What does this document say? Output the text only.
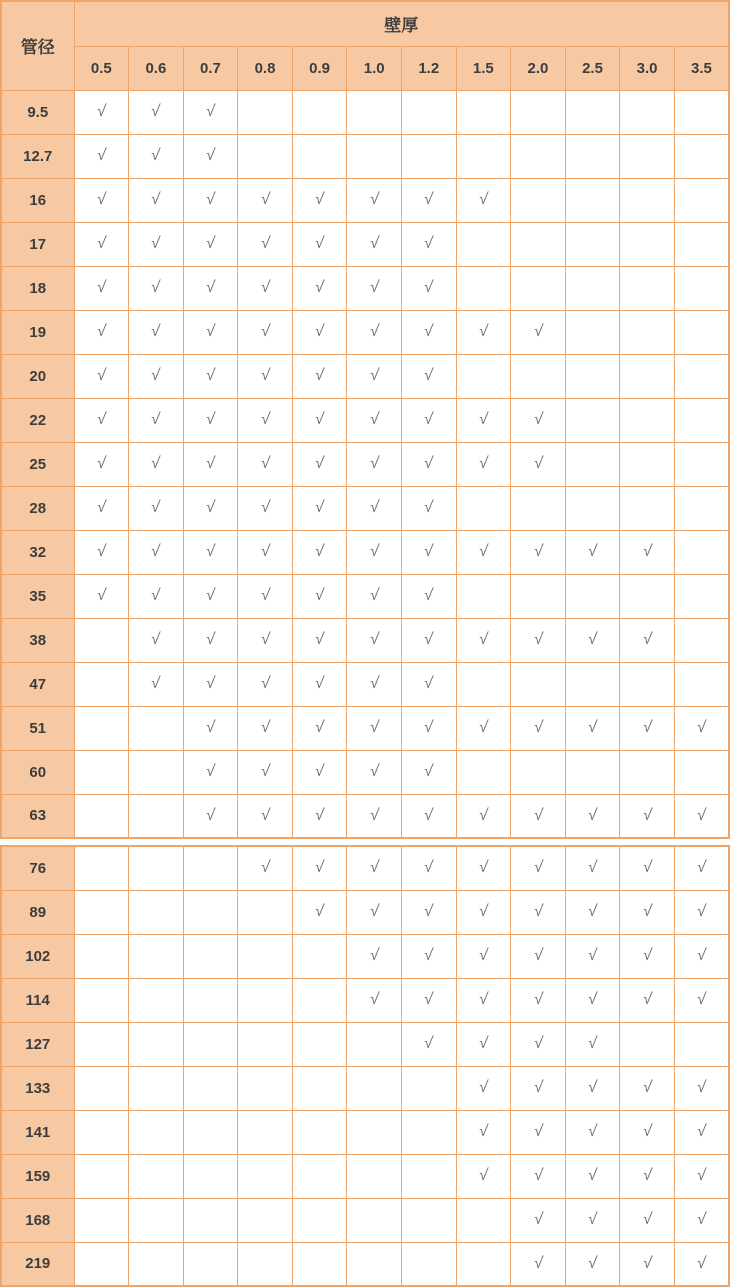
管径	壁厚											
	0.5	0.6	0.7	0.8	0.9	1.0	1.2	1.5	2.0	2.5	3.0	3.5
9.5	√	√	√									
12.7	√	√	√									
16	√	√	√	√	√	√	√	√				
17	√	√	√	√	√	√	√					
18	√	√	√	√	√	√	√					
19	√	√	√	√	√	√	√	√	√			
20	√	√	√	√	√	√	√					
22	√	√	√	√	√	√	√	√	√			
25	√	√	√	√	√	√	√	√	√			
28	√	√	√	√	√	√	√					
32	√	√	√	√	√	√	√	√	√	√	√	
35	√	√	√	√	√	√	√					
38		√	√	√	√	√	√	√	√	√	√	
47		√	√	√	√	√	√					
51			√	√	√	√	√	√	√	√	√	√
60			√	√	√	√	√					
63			√	√	√	√	√	√	√	√	√	√
76				√	√	√	√	√	√	√	√	√
89					√	√	√	√	√	√	√	√
102						√	√	√	√	√	√	√
114						√	√	√	√	√	√	√
127							√	√	√	√		
133								√	√	√	√	√
141								√	√	√	√	√
159								√	√	√	√	√
168									√	√	√	√
219									√	√	√	√
